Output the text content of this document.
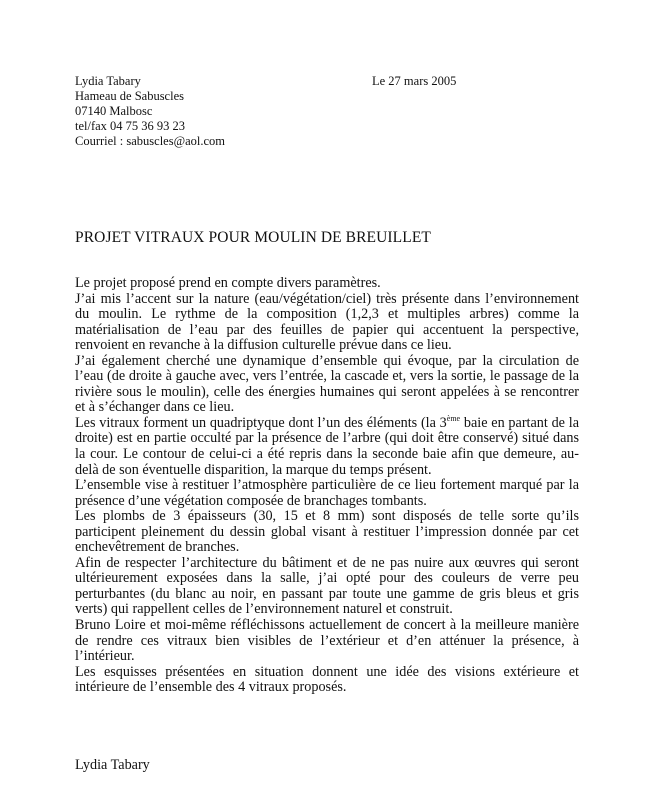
Lydia Tabary
Hameau de Sabuscles
07140 Malbosc
tel/fax 04 75 36 93 23
Courriel : sabuscles@aol.com
Le 27 mars 2005
PROJET VITRAUX POUR MOULIN DE BREUILLET

Le projet proposé prend en compte divers paramètres.

J’ai mis l’accent sur la nature (eau/végétation/ciel) très présente dans l’environnement du moulin. Le rythme de la composition (1,2,3 et multiples arbres) comme la matérialisation de l’eau par des feuilles de papier qui accentuent la perspective, renvoient en revanche à la diffusion culturelle prévue dans ce lieu.

J’ai également cherché une dynamique d’ensemble qui évoque, par la circulation de l’eau (de droite à gauche avec, vers l’entrée, la cascade et, vers la sortie, le passage de la rivière sous le moulin), celle des énergies humaines qui seront appelées à se rencontrer et à s’échanger dans ce lieu.

Les vitraux forment un quadriptyque dont l’un des éléments (la 3ème baie en partant de la droite) est en partie occulté par la présence de l’arbre (qui doit être conservé) situé dans la cour. Le contour de celui-ci a été repris dans la seconde baie afin que demeure, au-delà de son éventuelle disparition, la marque du temps présent.

L’ensemble vise à restituer l’atmosphère particulière de ce lieu fortement marqué par la présence d’une végétation composée de branchages tombants.

Les plombs de 3 épaisseurs (30, 15 et 8 mm) sont disposés de telle sorte qu’ils participent pleinement du dessin global visant à restituer l’impression donnée par cet enchevêtrement de branches.

Afin de respecter l’architecture du bâtiment et de ne pas nuire aux œuvres qui seront ultérieurement exposées dans la salle, j’ai opté pour des couleurs de verre peu perturbantes (du blanc au noir, en passant par toute une gamme de gris bleus et gris verts) qui rappellent celles de l’environnement naturel et construit.

Bruno Loire et moi-même réfléchissons actuellement de concert à la meilleure manière de rendre ces vitraux bien visibles de l’extérieur et d’en atténuer la présence, à l’intérieur.

Les esquisses présentées en situation donnent une idée des visions extérieure et intérieure de l’ensemble des 4 vitraux proposés.

Lydia Tabary
